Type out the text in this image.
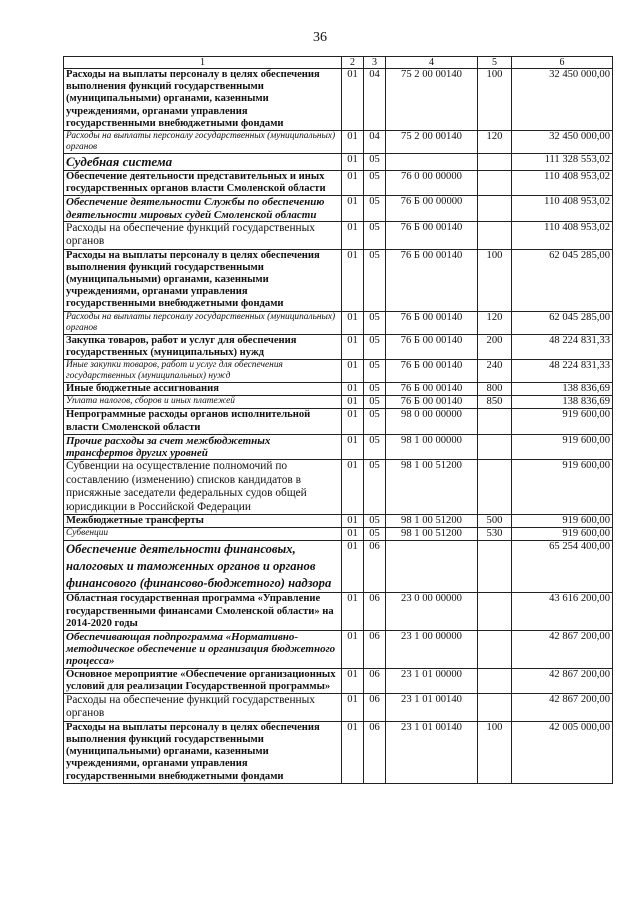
36
1	2	3	4	5	6
Расходы на выплаты персоналу в целях обеспечения выполнения функций государственными (муниципальными) органами, казенными учреждениями, органами управления государственными внебюджетными фондами	01	04	75 2 00 00140	100	32 450 000,00
Расходы на выплаты персоналу государственных (муниципальных) органов	01	04	75 2 00 00140	120	32 450 000,00
Судебная система	01	05			111 328 553,02
Обеспечение деятельности представительных и иных государственных органов власти Смоленской области	01	05	76 0 00 00000		110 408 953,02
Обеспечение деятельности Службы по обеспечению деятельности мировых судей Смоленской области	01	05	76 Б 00 00000		110 408 953,02
Расходы на обеспечение функций государственных органов	01	05	76 Б 00 00140		110 408 953,02
Расходы на выплаты персоналу в целях обеспечения выполнения функций государственными (муниципальными) органами, казенными учреждениями, органами управления государственными внебюджетными фондами	01	05	76 Б 00 00140	100	62 045 285,00
Расходы на выплаты персоналу государственных (муниципальных) органов	01	05	76 Б 00 00140	120	62 045 285,00
Закупка товаров, работ и услуг для обеспечения государственных (муниципальных) нужд	01	05	76 Б 00 00140	200	48 224 831,33
Иные закупки товаров, работ и услуг для обеспечения государственных (муниципальных) нужд	01	05	76 Б 00 00140	240	48 224 831,33
Иные бюджетные ассигнования	01	05	76 Б 00 00140	800	138 836,69
Уплата налогов, сборов и иных платежей	01	05	76 Б 00 00140	850	138 836,69
Непрограммные расходы органов исполнительной власти Смоленской области	01	05	98 0 00 00000		919 600,00
Прочие расходы за счет межбюджетных трансфертов других уровней	01	05	98 1 00 00000		919 600,00
Субвенции на осуществление полномочий по составлению (изменению) списков кандидатов в присяжные заседатели федеральных судов общей юрисдикции в Российской Федерации	01	05	98 1 00 51200		919 600,00
Межбюджетные трансферты	01	05	98 1 00 51200	500	919 600,00
Субвенции	01	05	98 1 00 51200	530	919 600,00
Обеспечение деятельности финансовых, налоговых и таможенных органов и органов финансового (финансово-бюджетного) надзора	01	06			65 254 400,00
Областная государственная программа «Управление государственными финансами Смоленской области» на 2014-2020 годы	01	06	23 0 00 00000		43 616 200,00
Обеспечивающая подпрограмма «Нормативно-методическое обеспечение и организация бюджетного процесса»	01	06	23 1 00 00000		42 867 200,00
Основное мероприятие «Обеспечение организационных условий для реализации Государственной программы»	01	06	23 1 01 00000		42 867 200,00
Расходы на обеспечение функций государственных органов	01	06	23 1 01 00140		42 867 200,00
Расходы на выплаты персоналу в целях обеспечения выполнения функций государственными (муниципальными) органами, казенными учреждениями, органами управления государственными внебюджетными фондами	01	06	23 1 01 00140	100	42 005 000,00
